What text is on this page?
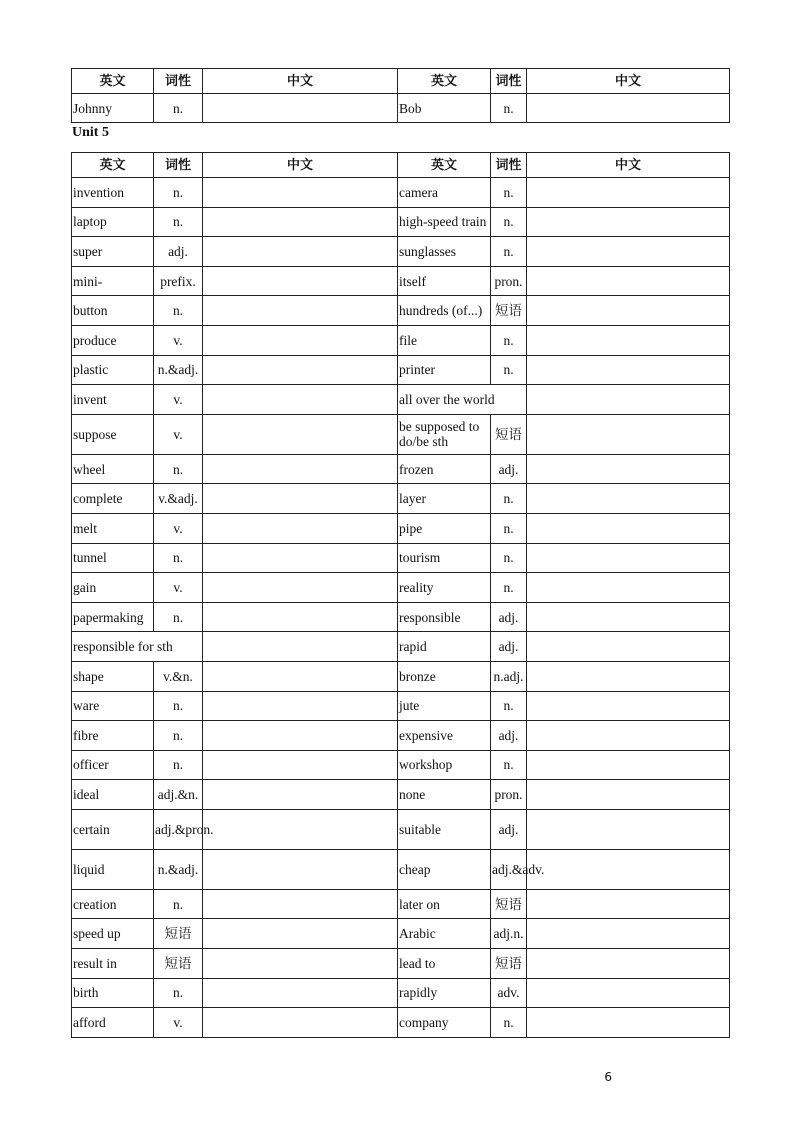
英文	词性	中文	英文	词性	中文
Johnny	n.		Bob	n.	
Unit 5
英文	词性	中文	英文	词性	中文
invention	n.		camera	n.	
laptop	n.		high-speed train	n.	
super	adj.		sunglasses	n.	
mini-	prefix.		itself	pron.	
button	n.		hundreds (of...)	短语	
produce	v.		file	n.	
plastic	n.&adj.		printer	n.	
invent	v.		all over the world		
suppose	v.		be supposed to do/be sth	短语	
wheel	n.		frozen	adj.	
complete	v.&adj.		layer	n.	
melt	v.		pipe	n.	
tunnel	n.		tourism	n.	
gain	v.		reality	n.	
papermaking	n.		responsible	adj.	
responsible for sth			rapid	adj.	
shape	v.&n.		bronze	n.adj.	
ware	n.		jute	n.	
fibre	n.		expensive	adj.	
officer	n.		workshop	n.	
ideal	adj.&n.		none	pron.	
certain	adj.&pron.		suitable	adj.	
liquid	n.&adj.		cheap	adj.&adv.	
creation	n.		later on	短语	
speed up	短语		Arabic	adj.n.	
result in	短语		lead to	短语	
birth	n.		rapidly	adv.	
afford	v.		company	n.	
6
